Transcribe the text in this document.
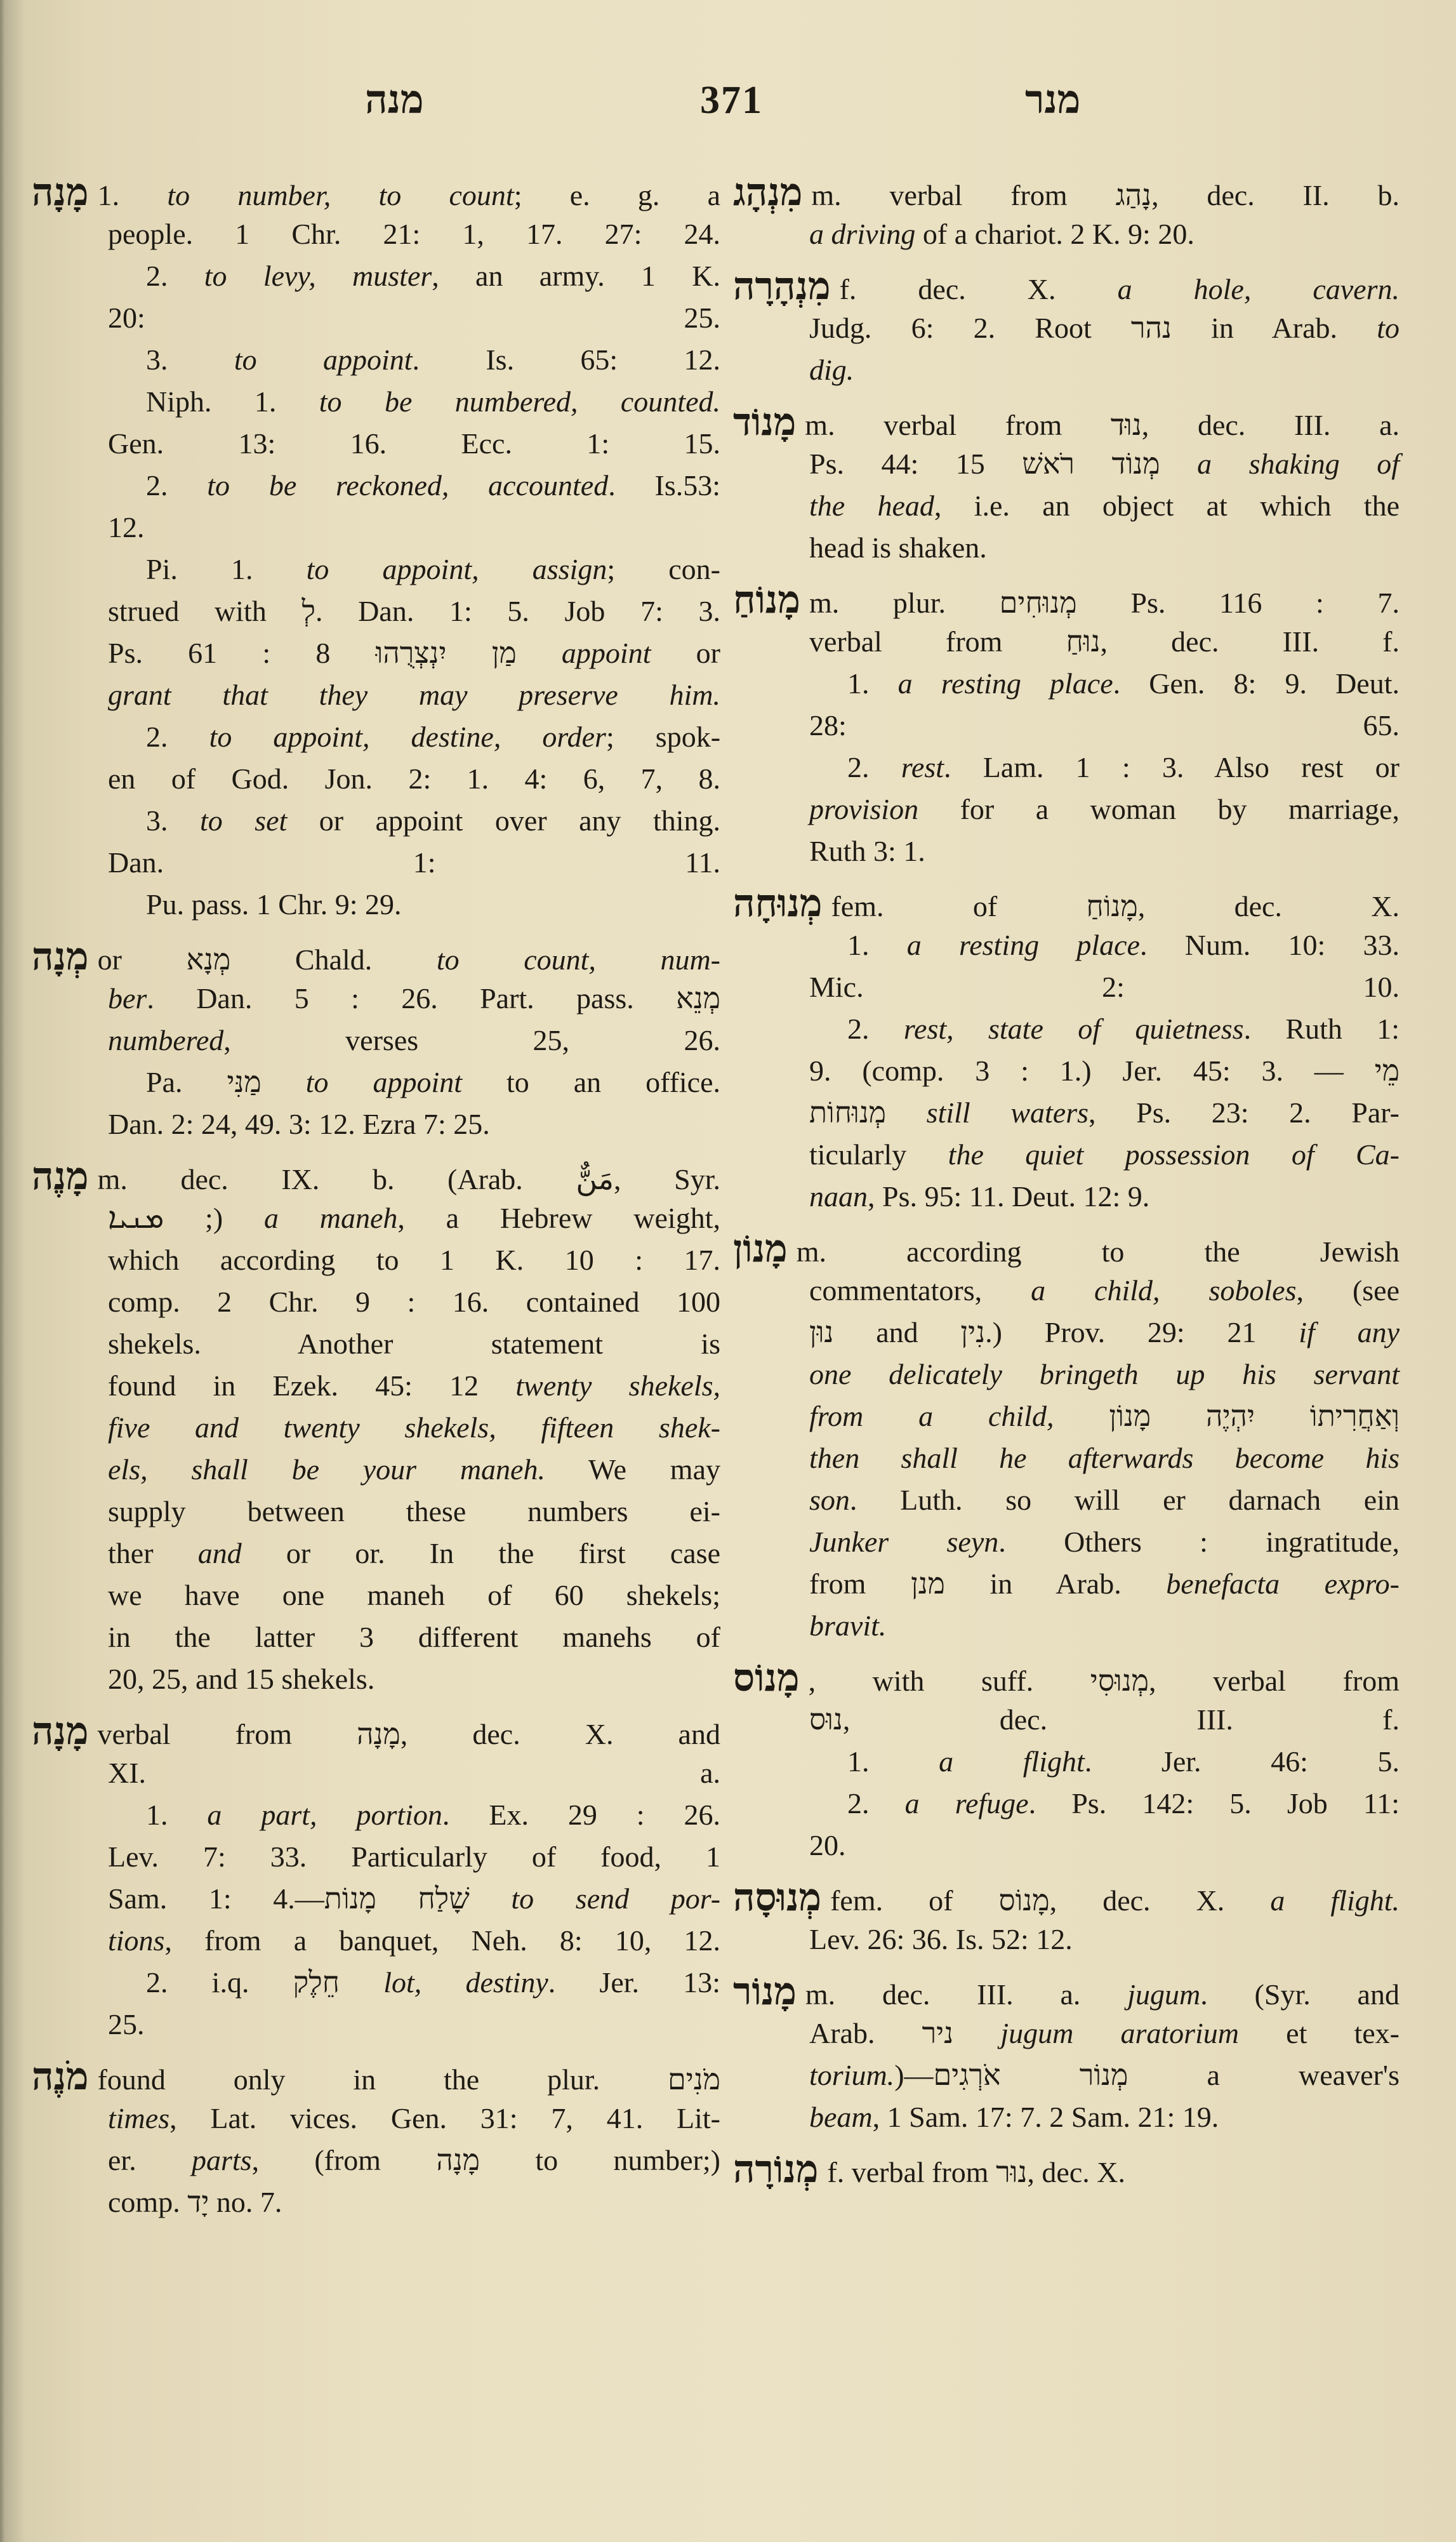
מנה	371	מנר
מָנָה 1. to number, to count; e. g. a
people. 1 Chr. 21: 1, 17. 27: 24.
2. to levy, muster, an army. 1 K.
20: 25.
3. to appoint. Is. 65: 12.
Niph. 1. to be numbered, counted.
Gen. 13: 16. Ecc. 1: 15.
2. to be reckoned, accounted. Is.53:
12.
Pi. 1. to appoint, assign; con-
strued with לְ. Dan. 1: 5. Job 7: 3.
Ps. 61 : 8 מַן יִנְצְרֻהוּ appoint or
grant that they may preserve him.
2. to appoint, destine, order; spok-
en of God. Jon. 2: 1. 4: 6, 7, 8.
3. to set or appoint over any thing.
Dan. 1: 11.
Pu. pass. 1 Chr. 9: 29.
מְנָה or מְנָא Chald. to count, num-
ber. Dan. 5 : 26. Part. pass. מְנֵא
numbered, verses 25, 26.
Pa. מַנִּי to appoint to an office.
Dan. 2: 24, 49. 3: 12. Ezra 7: 25.
מָנֶה m. dec. IX. b. (Arab. مَنٌّ, Syr.
ܡܢܝܐ ;) a maneh, a Hebrew weight,
which according to 1 K. 10 : 17.
comp. 2 Chr. 9 : 16. contained 100
shekels. Another statement is
found in Ezek. 45: 12 twenty shekels,
five and twenty shekels, fifteen shek-
els, shall be your maneh. We may
supply between these numbers ei-
ther and or or. In the first case
we have one maneh of 60 shekels;
in the latter 3 different manehs of
20, 25, and 15 shekels.
מָנָה verbal from מָנָה, dec. X. and
XI. a.
1. a part, portion. Ex. 29 : 26.
Lev. 7: 33. Particularly of food, 1
Sam. 1: 4.—שָׁלַח מָנוֹת to send por-
tions, from a banquet, Neh. 8: 10, 12.
2. i.q. חֵלֶק lot, destiny. Jer. 13:
25.
מֹנֶה found only in the plur. מֹנִים
times, Lat. vices. Gen. 31: 7, 41. Lit-
er. parts, (from מָנָה to number;)
comp. יָד no. 7.
מִנְהָג m. verbal from נָהַג, dec. II. b.
a driving of a chariot. 2 K. 9: 20.
מִנְהָרָה f. dec. X. a hole, cavern.
Judg. 6: 2. Root נהר in Arab. to
dig.
מָנוֹד m. verbal from נוּד, dec. III. a.
Ps. 44: 15 מְנוֹד רֹאשׁ a shaking of
the head, i.e. an object at which the
head is shaken.
מָנוֹחַ m. plur. מְנוּחִים Ps. 116 : 7.
verbal from נוּחַ, dec. III. f.
1. a resting place. Gen. 8: 9. Deut.
28: 65.
2. rest. Lam. 1 : 3. Also rest or
provision for a woman by marriage,
Ruth 3: 1.
מְנוּחָה fem. of מָנוֹחַ, dec. X.
1. a resting place. Num. 10: 33.
Mic. 2: 10.
2. rest, state of quietness. Ruth 1:
9. (comp. 3 : 1.) Jer. 45: 3. — מֵי
מְנוּחוֹת still waters, Ps. 23: 2. Par-
ticularly the quiet possession of Ca-
naan, Ps. 95: 11. Deut. 12: 9.
מָנוֹן m. according to the Jewish
commentators, a child, soboles, (see
נוּן and נִין.) Prov. 29: 21 if any
one delicately bringeth up his servant
from a child, וְאַחֲרִיתוֹ יִהְיֶה מָנוֹן
then shall he afterwards become his
son. Luth. so will er darnach ein
Junker seyn. Others : ingratitude,
from מנן in Arab. benefacta expro-
bravit.
מָנוֹס , with suff. מְנוּסִי, verbal from
נוּס, dec. III. f.
1. a flight. Jer. 46: 5.
2. a refuge. Ps. 142: 5. Job 11:
20.
מְנוּסָה fem. of מָנוֹס, dec. X. a flight.
Lev. 26: 36. Is. 52: 12.
מָנוֹר m. dec. III. a. jugum. (Syr. and
Arab. ניר jugum aratorium et tex-
torium.)—מְנוֹר אֹרְגִים a weaver's
beam, 1 Sam. 17: 7. 2 Sam. 21: 19.
מְנוֹרָה f. verbal from נוּר, dec. X.
